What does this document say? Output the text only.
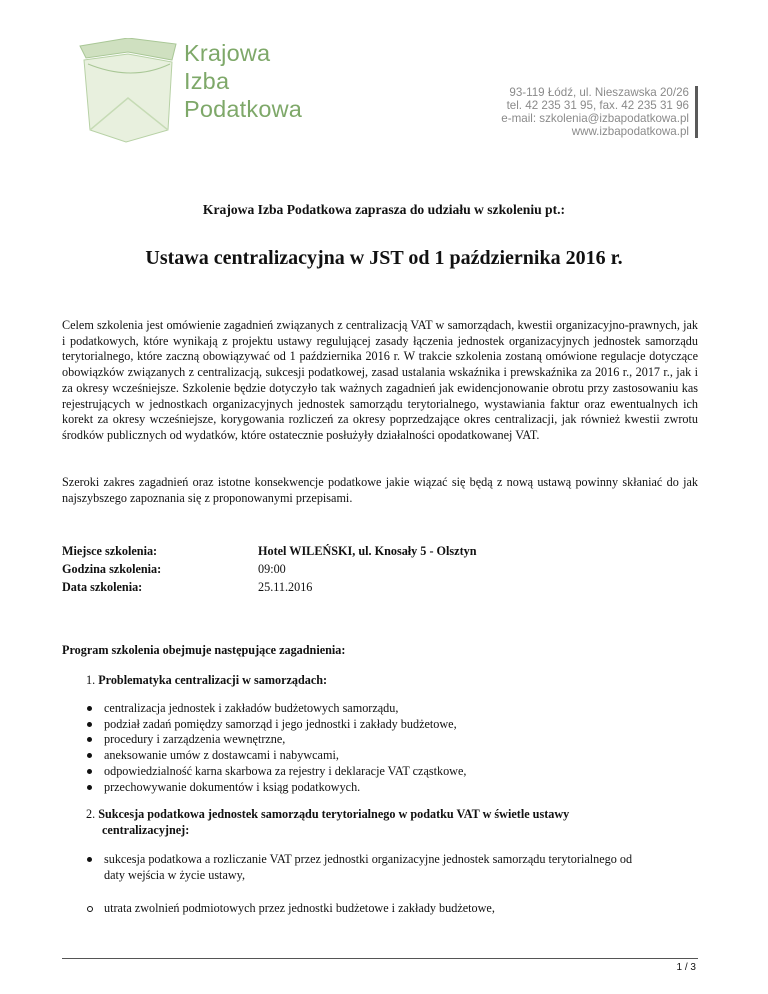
Krajowa
Izba
Podatkowa
93-119 Łódź, ul. Nieszawska 20/26
tel. 42 235 31 95, fax. 42 235 31 96
e-mail: szkolenia@izbapodatkowa.pl
www.izbapodatkowa.pl
Krajowa Izba Podatkowa zaprasza do udziału w szkoleniu pt.:
Ustawa centralizacyjna w JST od 1 października 2016 r.
Celem szkolenia jest omówienie zagadnień związanych z centralizacją VAT w samorządach, kwestii organizacyjno-prawnych, jak i podatkowych, które wynikają z projektu ustawy regulującej zasady łączenia jednostek organizacyjnych jednostek samorządu terytorialnego, które zaczną obowiązywać od 1 października 2016 r. W trakcie szkolenia zostaną omówione regulacje dotyczące obowiązków związanych z centralizacją, sukcesji podatkowej, zasad ustalania wskaźnika i prewskaźnika za 2016 r., 2017 r., jak i za okresy wcześniejsze. Szkolenie będzie dotyczyło tak ważnych zagadnień jak ewidencjonowanie obrotu przy zastosowaniu kas rejestrujących w jednostkach organizacyjnych jednostek samorządu terytorialnego, wystawiania faktur oraz ewentualnych ich korekt za okresy wcześniejsze, korygowania rozliczeń za okresy poprzedzające okres centralizacji, jak również kwestii zwrotu środków publicznych od wydatków, które ostatecznie posłużyły działalności opodatkowanej VAT.
Szeroki zakres zagadnień oraz istotne konsekwencje podatkowe jakie wiązać się będą z nową ustawą powinny skłaniać do jak najszybszego zapoznania się z proponowanymi przepisami.
Miejsce szkolenia:	Hotel WILEŃSKI, ul. Knosały 5 - Olsztyn
Godzina szkolenia:	09:00
Data szkolenia:	25.11.2016
Program szkolenia obejmuje następujące zagadnienia:
1. Problematyka centralizacji w samorządach:
centralizacja jednostek i zakładów budżetowych samorządu,
podział zadań pomiędzy samorząd i jego jednostki i zakłady budżetowe,
procedury i zarządzenia wewnętrzne,
aneksowanie umów z dostawcami i nabywcami,
odpowiedzialność karna skarbowa za rejestry i deklaracje VAT cząstkowe,
przechowywanie dokumentów i ksiąg podatkowych.
2. Sukcesja podatkowa jednostek samorządu terytorialnego w podatku VAT w świetle ustawy
centralizacyjnej:
sukcesja podatkowa a rozliczanie VAT przez jednostki organizacyjne jednostek samorządu terytorialnego od
daty wejścia w życie ustawy,
utrata zwolnień podmiotowych przez jednostki budżetowe i zakłady budżetowe,
1 / 3
